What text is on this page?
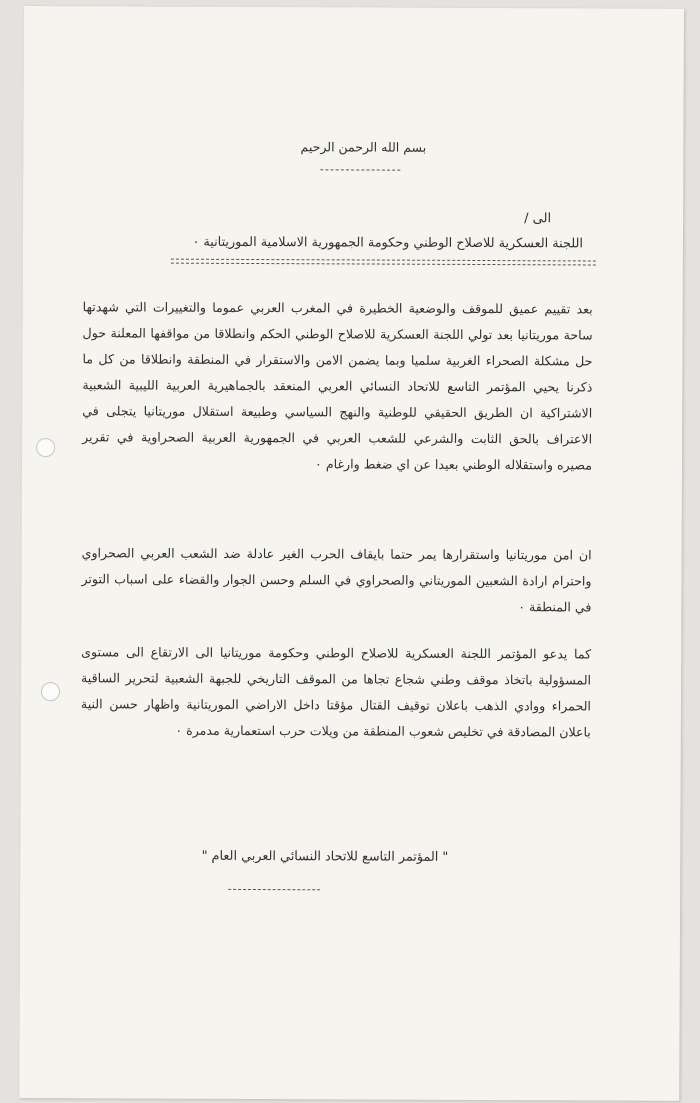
بسم الله الرحمن الرحيم
الى /
اللجنة العسكرية للاصلاح الوطني وحكومة الجمهورية الاسلامية الموريتانية ٠
بعد تقييم عميق للموقف والوضعية الخطيرة في المغرب العربي عموما والتغييرات التي شهدتها ساحة موريتانيا بعد تولي اللجنة العسكرية للاصلاح الوطني الحكم وانطلاقا من مواقفها المعلنة حول حل مشكلة الصحراء الغربية سلميا وبما يضمن الامن والاستقرار في المنطقة وانطلاقا من كل ما ذكرنا يحيي المؤتمر التاسع للاتحاد النسائي العربي المنعقد بالجماهيرية العربية الليبية الشعبية الاشتراكية ان الطريق الحقيقي للوطنية والنهج السياسي وطبيعة استقلال موريتانيا يتجلى في الاعتراف بالحق الثابت والشرعي للشعب العربي في الجمهورية العربية الصحراوية في تقرير مصيره واستقلاله الوطني بعيدا عن اي ضغط وارغام ٠
ان امن موريتانيا واستقرارها يمر حتما بايقاف الحرب الغير عادلة ضد الشعب العربي الصحراوي واحترام ارادة الشعبين الموريتاني والصحراوي في السلم وحسن الجوار والقضاء على اسباب التوتر في المنطقة ٠
كما يدعو المؤتمر اللجنة العسكرية للاصلاح الوطني وحكومة موريتانيا الى الارتقاع الى مستوى المسؤولية باتخاذ موقف وطني شجاع تجاها من الموقف التاريخي للجبهة الشعبية لتحرير الساقية الحمراء ووادي الذهب باعلان توقيف القتال مؤقتا داخل الاراضي الموريتانية واظهار حسن النية باعلان المصادقة في تخليص شعوب المنطقة من ويلات حرب استعمارية مدمرة ٠
" المؤتمر التاسع للاتحاد النسائي العربي العام "
